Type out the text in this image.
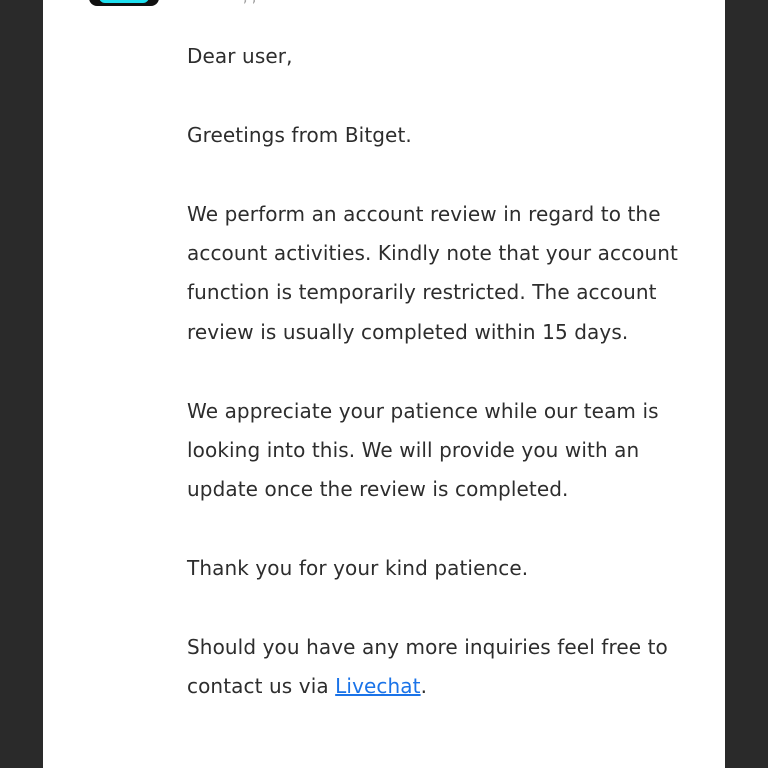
Dear user,

Greetings from Bitget.

We perform an account review in regard to the account activities. Kindly note that your account function is temporarily restricted. The account review is usually completed within 15 days.

We appreciate your patience while our team is looking into this. We will provide you with an update once the review is completed.

Thank you for your kind patience.

Should you have any more inquiries feel free to contact us via Livechat.
